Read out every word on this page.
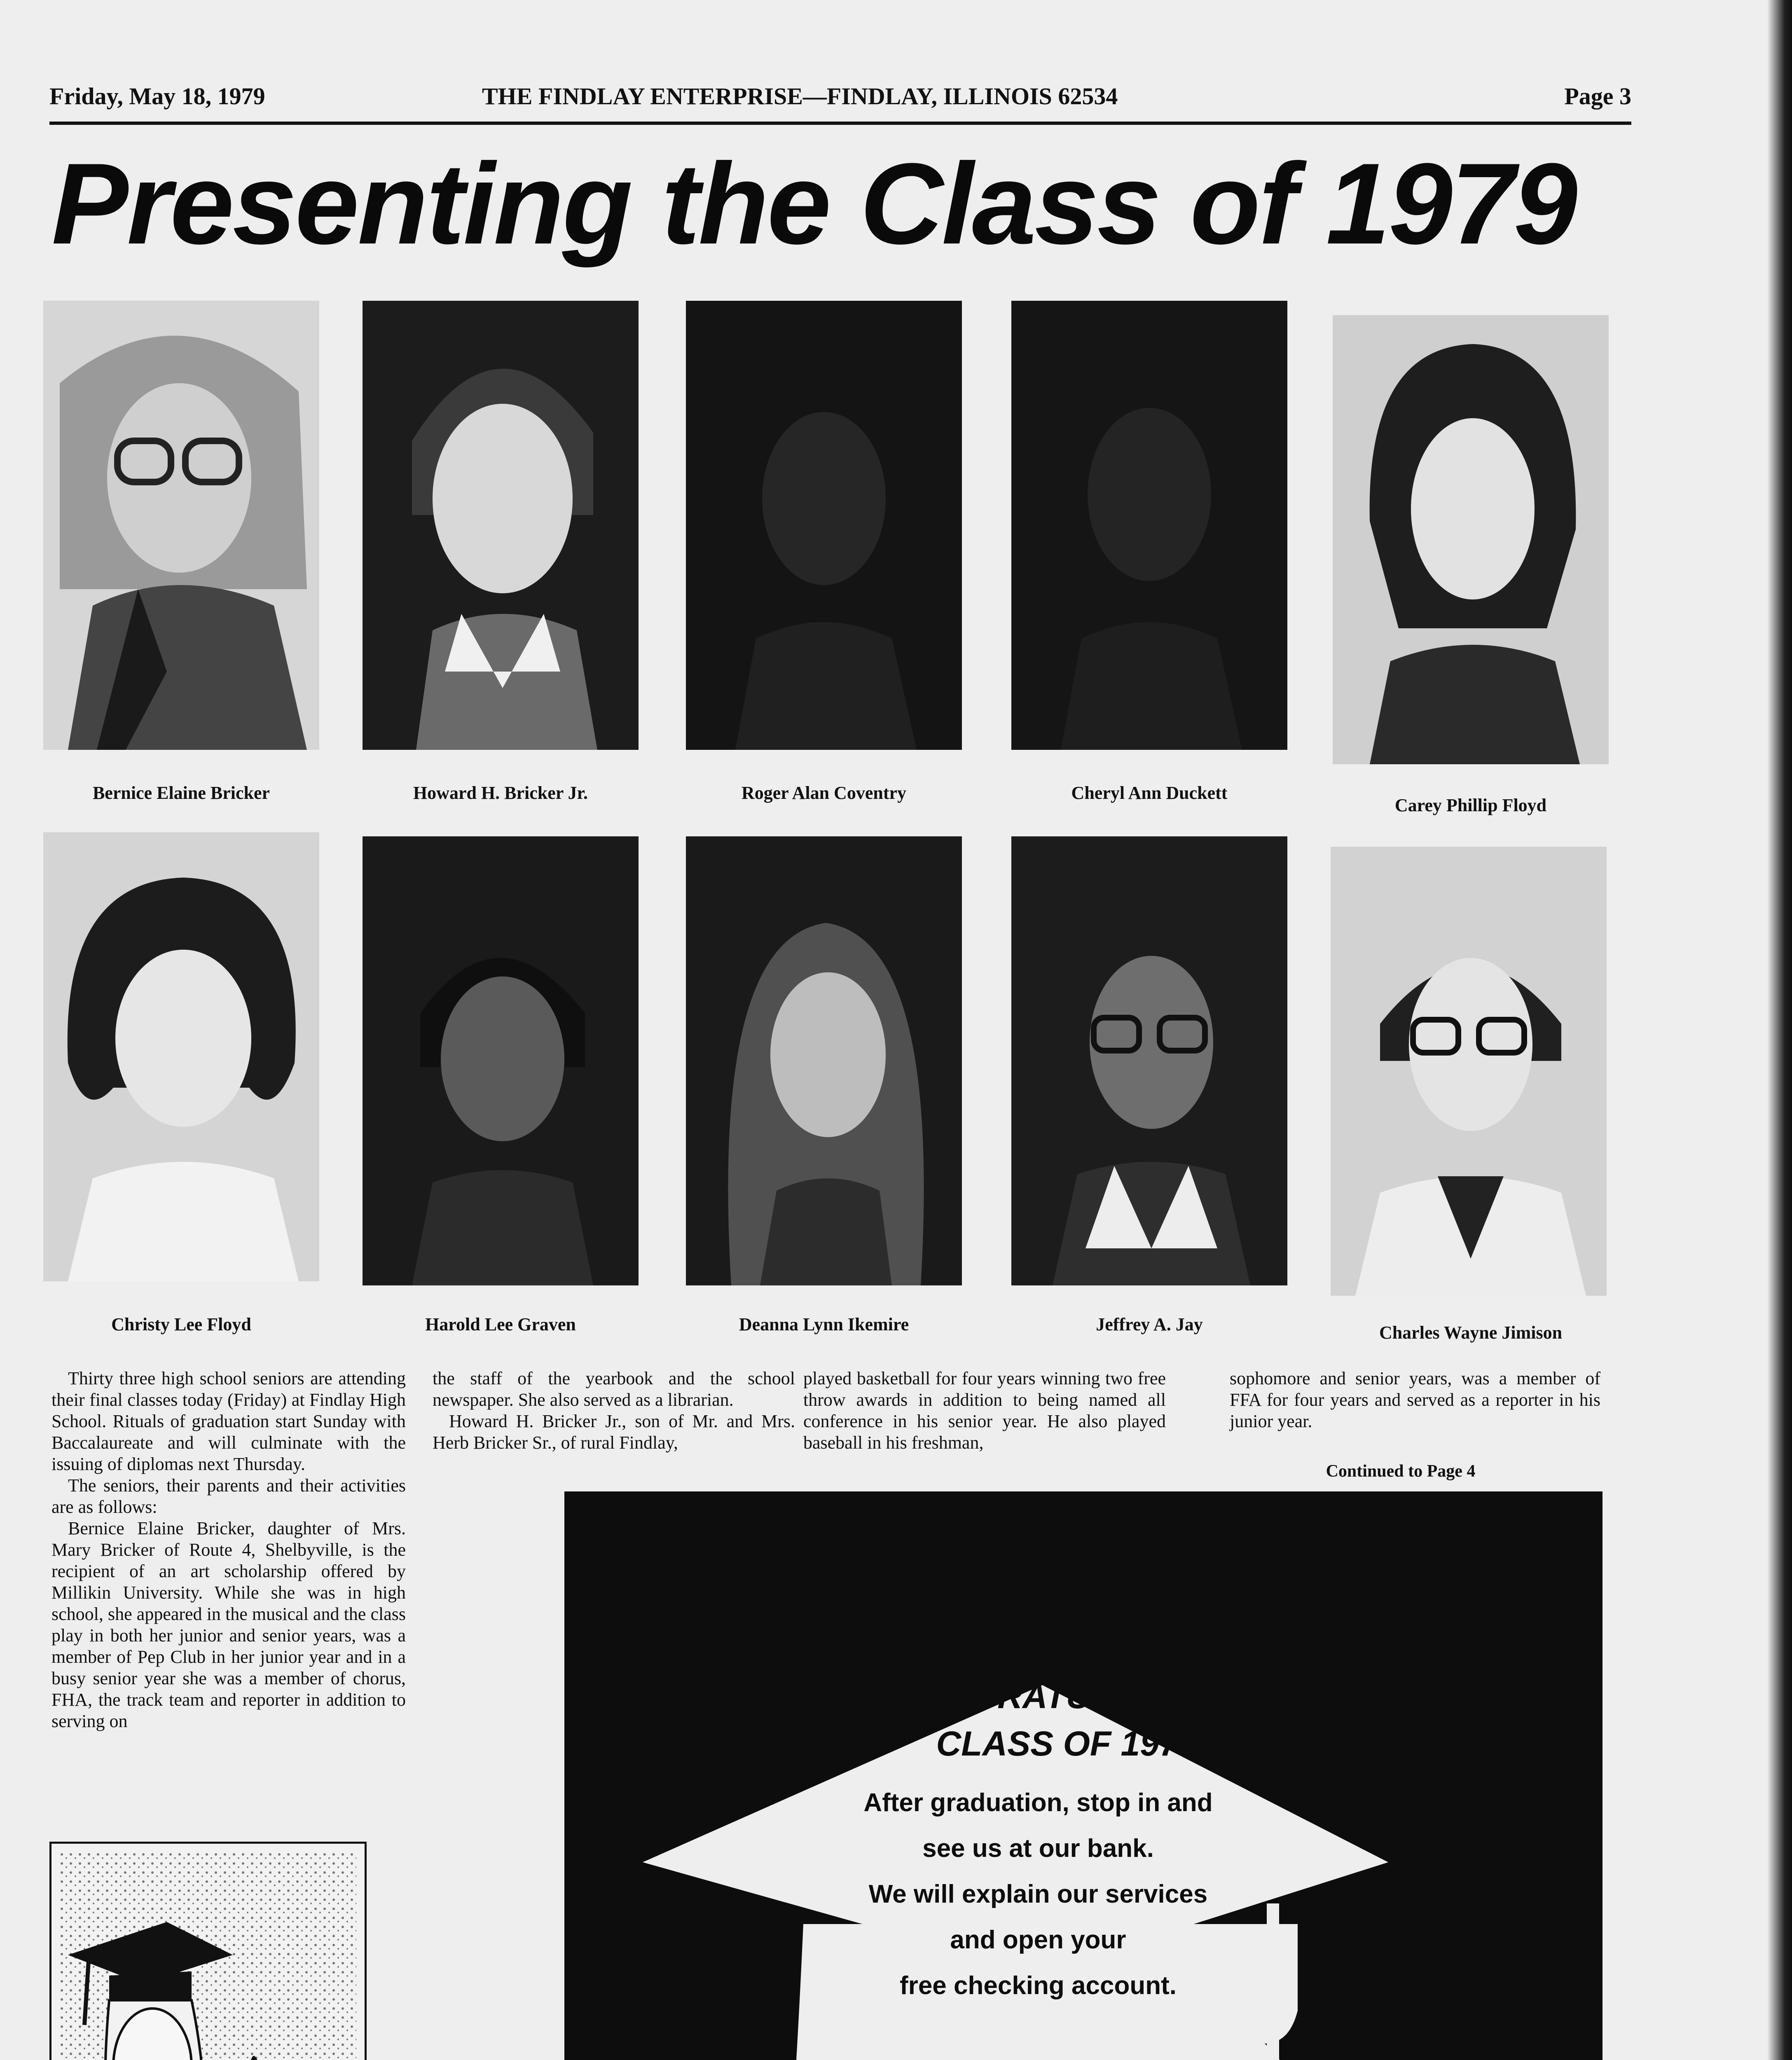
Friday, May 18, 1979	THE FINDLAY ENTERPRISE—FINDLAY, ILLINOIS 62534	Page 3
Presenting the Class of 1979
Bernice Elaine Bricker	Howard H. Bricker Jr.	Roger Alan Coventry	Cheryl Ann Duckett
Carey Phillip Floyd
Christy Lee Floyd	Harold Lee Graven	Deanna Lynn Ikemire	Jeffrey A. Jay	Charles Wayne Jimison

Thirty three high school seniors are attending their final classes today (Friday) at Findlay High School. Rituals of graduation start Sunday with Baccalaureate and will culminate with the issuing of diplomas next Thursday.

The seniors, their parents and their activities are as follows:

Bernice Elaine Bricker, daughter of Mrs. Mary Bricker of Route 4, Shelbyville, is the recipient of an art scholarship offered by Millikin University. While she was in high school, she appeared in the musical and the class play in both her junior and senior years, was a member of Pep Club in her junior year and in a busy senior year she was a member of chorus, FHA, the track team and reporter in addition to serving on

the staff of the yearbook and the school newspaper. She also served as a librarian.

Howard H. Bricker Jr., son of Mr. and Mrs. Herb Bricker Sr., of rural Findlay,

played basketball for four years winning two free throw awards in addition to being named all conference in his senior year. He also played baseball in his freshman,

sophomore and senior years, was a member of FFA for four years and served as a reporter in his junior year.

Continued to Page 4
CONGRATULATIONS
CLASS OF 1979
After graduation, stop in and
see us at our bank.
We will explain our services
and open your
free checking account.
